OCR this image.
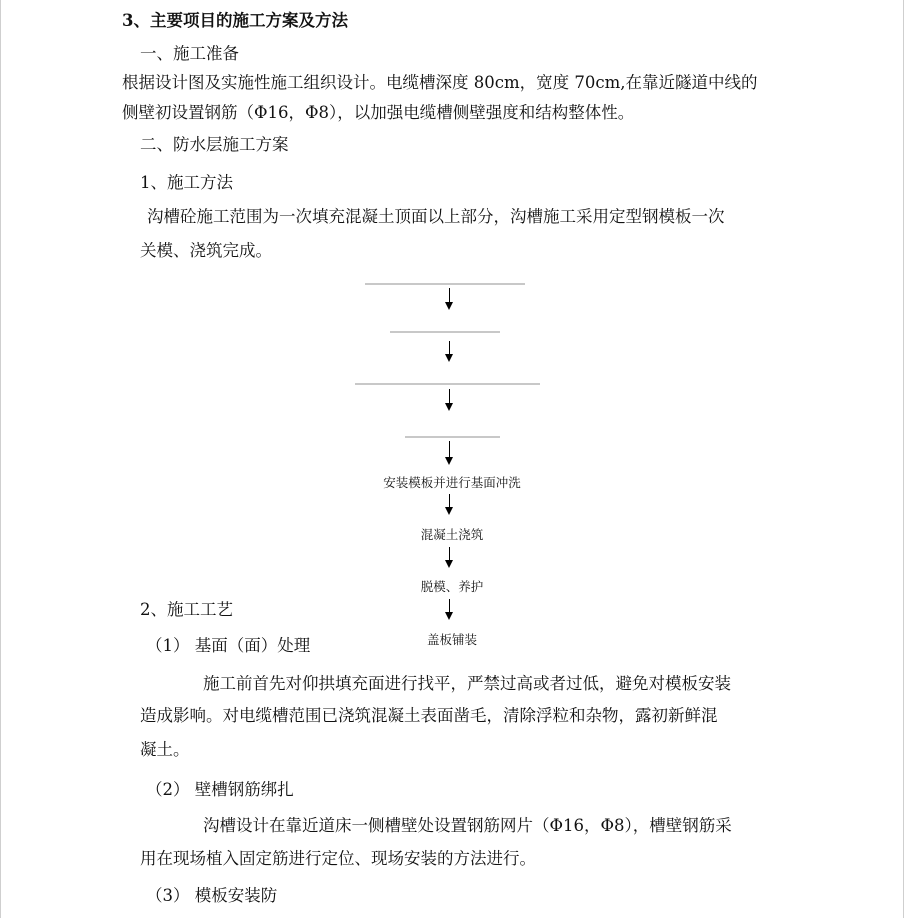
3、主要项目的施工方案及方法
一、施工准备
根据设计图及实施性施工组织设计。电缆槽深度 80cm，宽度 70cm,在靠近隧道中线的
侧壁初设置钢筋（Φ16，Φ8），以加强电缆槽侧壁强度和结构整体性。
二、防水层施工方案
1、施工方法
沟槽砼施工范围为一次填充混凝土顶面以上部分，沟槽施工采用定型钢模板一次
关模、浇筑完成。
安装模板并进行基面冲洗
混凝土浇筑
脱模、养护
盖板铺装
2、施工工艺
（1） 基面（面）处理
施工前首先对仰拱填充面进行找平，严禁过高或者过低，避免对模板安装
造成影响。对电缆槽范围已浇筑混凝土表面凿毛，清除浮粒和杂物，露初新鲜混
凝土。
（2） 壁槽钢筋绑扎
沟槽设计在靠近道床一侧槽壁处设置钢筋网片（Φ16，Φ8），槽壁钢筋采
用在现场植入固定筋进行定位、现场安装的方法进行。
（3） 模板安装防
